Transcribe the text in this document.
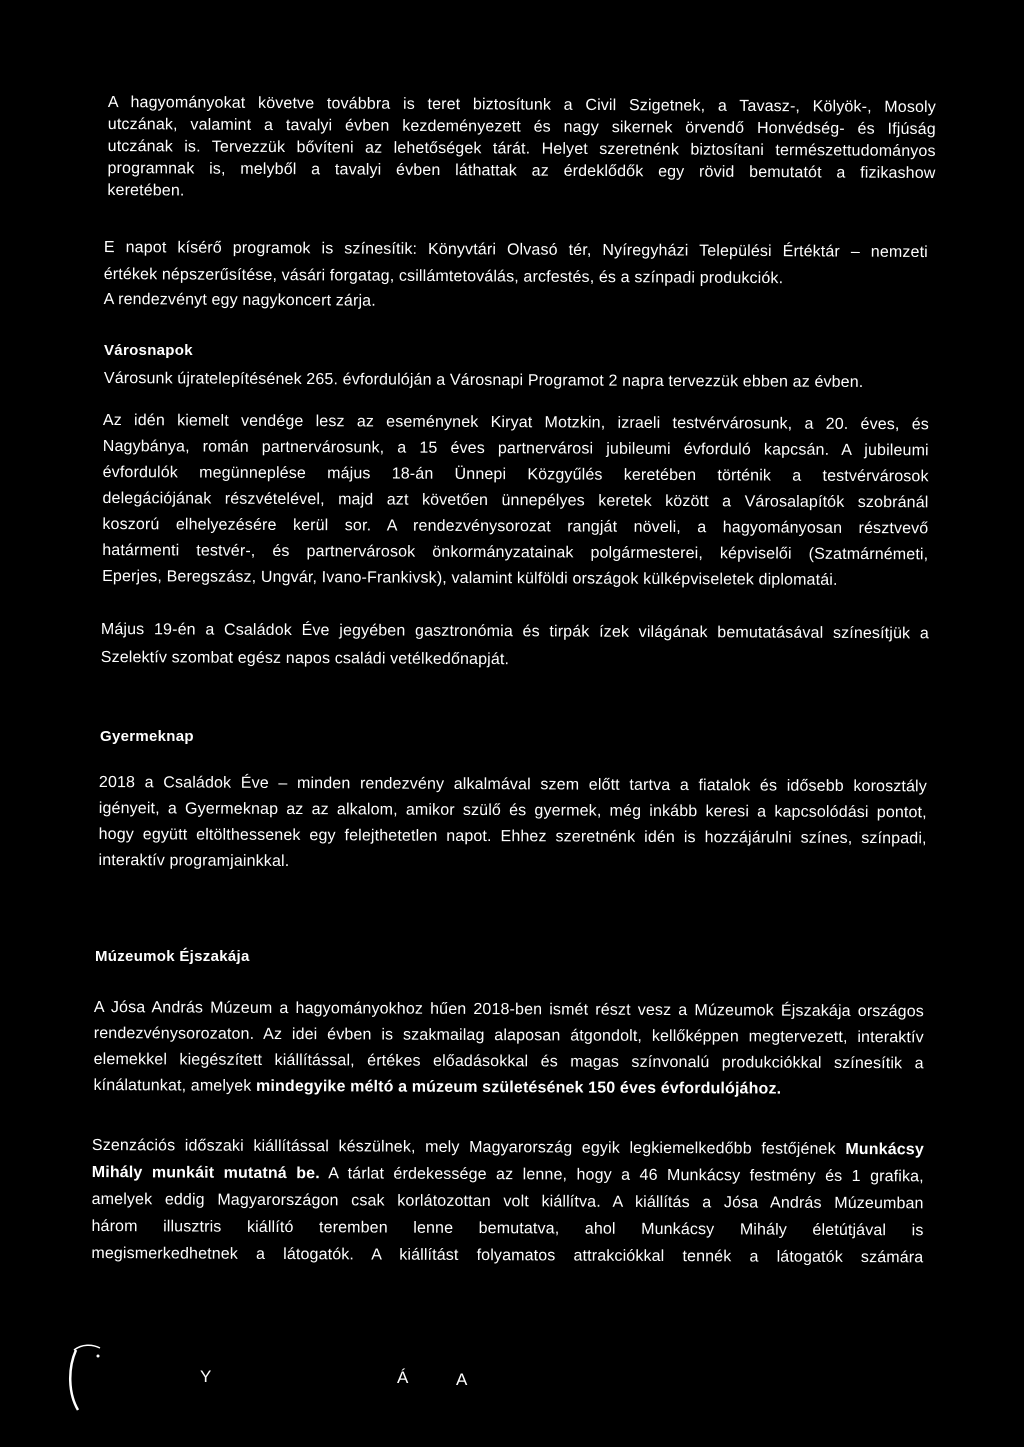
A hagyományokat követve továbbra is teret biztosítunk a Civil Szigetnek, a Tavasz-, Kölyök-, Mosoly

utczának, valamint a tavalyi évben kezdeményezett és nagy sikernek örvendő Honvédség- és Ifjúság

utczának is. Tervezzük bővíteni az lehetőségek tárát. Helyet szeretnénk biztosítani természettudományos

programnak is, melyből a tavalyi évben láthattak az érdeklődők egy rövid bemutatót a fizikashow

keretében.

E napot kísérő programok is színesítik: Könyvtári Olvasó tér, Nyíregyházi Települési Értéktár – nemzeti

értékek népszerűsítése, vásári forgatag, csillámtetoválás, arcfestés, és a színpadi produkciók.

A rendezvényt egy nagykoncert zárja.

Városnapok

Városunk újratelepítésének 265. évfordulóján a Városnapi Programot 2 napra tervezzük ebben az évben.

Az idén kiemelt vendége lesz az eseménynek Kiryat Motzkin, izraeli testvérvárosunk, a 20. éves, és

Nagybánya, román partnervárosunk, a 15 éves partnervárosi jubileumi évforduló kapcsán. A jubileumi

évfordulók megünneplése május 18-án Ünnepi Közgyűlés keretében történik a testvérvárosok

delegációjának részvételével, majd azt követően ünnepélyes keretek között a Városalapítók szobránál

koszorú elhelyezésére kerül sor. A rendezvénysorozat rangját növeli, a hagyományosan résztvevő

határmenti testvér-, és partnervárosok önkormányzatainak polgármesterei, képviselői (Szatmárnémeti,

Eperjes, Beregszász, Ungvár, Ivano-Frankivsk), valamint külföldi országok külképviseletek diplomatái.

Május 19-én a Családok Éve jegyében gasztronómia és tirpák ízek világának bemutatásával színesítjük a

Szelektív szombat egész napos családi vetélkedőnapját.

Gyermeknap

2018 a Családok Éve – minden rendezvény alkalmával szem előtt tartva a fiatalok és idősebb korosztály

igényeit, a Gyermeknap az az alkalom, amikor szülő és gyermek, még inkább keresi a kapcsolódási pontot,

hogy együtt eltölthessenek egy felejthetetlen napot. Ehhez szeretnénk idén is hozzájárulni színes, színpadi,

interaktív programjainkkal.

Múzeumok Éjszakája

A Jósa András Múzeum a hagyományokhoz hűen 2018-ben ismét részt vesz a Múzeumok Éjszakája országos

rendezvénysorozaton. Az idei évben is szakmailag alaposan átgondolt, kellőképpen megtervezett, interaktív

elemekkel kiegészített kiállítással, értékes előadásokkal és magas színvonalú produkciókkal színesítik a

kínálatunkat, amelyek mindegyike méltó a múzeum születésének 150 éves évfordulójához.

Szenzációs időszaki kiállítással készülnek, mely Magyarország egyik legkiemelkedőbb festőjének Munkácsy

Mihály munkáit mutatná be. A tárlat érdekessége az lenne, hogy a 46 Munkácsy festmény és 1 grafika,

amelyek eddig Magyarországon csak korlátozottan volt kiállítva. A kiállítás a Jósa András Múzeumban

három illusztris kiállító teremben lenne bemutatva, ahol Munkácsy Mihály életútjával is

megismerkedhetnek a látogatók. A kiállítást folyamatos attrakciókkal tennék a látogatók számára

Y	Á	A
